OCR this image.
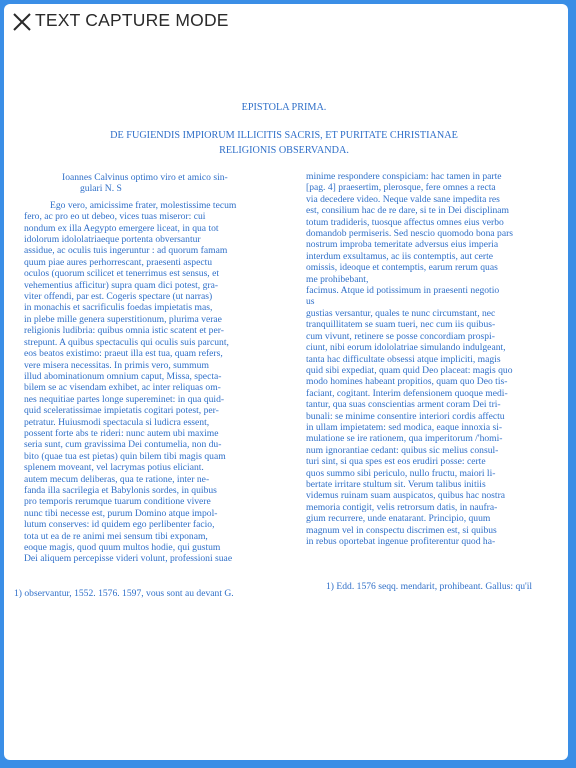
TEXT CAPTURE MODE
EPISTOLA PRIMA.
DE FUGIENDIS IMPIORUM ILLICITIS SACRIS, ET PURITATE CHRISTIANAE
RELIGIONIS OBSERVANDA.
Ioannes Calvinus optimo viro et amico sin-
gulari N. S
Ego vero, amicissime frater, molestissime tecum
fero, ac pro eo ut debeo, vices tuas miseror: cui
nondum ex illa Aegypto emergere liceat, in qua tot
idolorum idololatriaeque portenta obversantur
assidue, ac oculis tuis ingeruntur : ad quorum famam
quum piae aures perhorrescant, praesenti aspectu
oculos (quorum scilicet et tenerrimus est sensus, et
vehementius afficitur) supra quam dici potest, gra-
viter offendi, par est. Cogeris spectare (ut narras)
in monachis et sacrificulis foedas impietatis mas,
in plebe mille genera superstitionum, plurima verae
religionis ludibria: quibus omnia istic scatent et per-
strepunt. A quibus spectaculis qui oculis suis parcunt,
eos beatos existimo: praeut illa est tua, quam refers,
vere misera necessitas. In primis vero, summum
illud abominationum omnium caput, Missa, specta-
bilem se ac visendam exhibet, ac inter reliquas om-
nes nequitiae partes longe supereminet: in qua quid-
quid sceleratissimae impietatis cogitari potest, per-
petratur. Huiusmodi spectacula si ludicra essent,
possent forte abs te rideri: nunc autem ubi maxime
seria sunt, cum gravissima Dei contumelia, non du-
bito (quae tua est pietas) quin bilem tibi magis quam
splenem moveant, vel lacrymas potius eliciant.
autem mecum deliberas, qua te ratione, inter ne-
fanda illa sacrilegia et Babylonis sordes, in quibus
pro temporis rerumque tuarum conditione vivere
nunc tibi necesse est, purum Domino atque impol-
lutum conserves: id quidem ego perlibenter facio,
tota ut ea de re animi mei sensum tibi exponam,
eoque magis, quod quum multos hodie, qui gustum
Dei aliquem percepisse videri volunt, professioni suae
minime respondere conspiciam: hac tamen in parte
[pag. 4] praesertim, plerosque, fere omnes a recta
via decedere video. Neque valde sane impedita res
est, consilium hac de re dare, si te in Dei disciplinam
totum tradideris, tuosque affectus omnes eius verbo
domandob permiseris. Sed nescio quomodo bona pars
nostrum improba temeritate adversus eius imperia
interdum exsultamus, ac iis contemptis, aut certe
omissis, ideoque et contemptis, earum rerum quas
me prohibebant,
facimus. Atque id potissimum in praesenti negotio
us
gustias versantur, quales te nunc circumstant, nec
tranquillitatem se suam tueri, nec cum iis quibus-
cum vivunt, retinere se posse concordiam prospi-
ciunt, nibi eorum idololatriae simulando indulgeant,
tanta hac difficultate obsessi atque impliciti, magis
quid sibi expediat, quam quid Deo placeat: magis quo
modo homines habeant propitios, quam quo Deo tis-
faciant, cogitant. Interim defensionem quoque medi-
tantur, qua suas conscientias arment coram Dei tri-
bunali: se minime consentire interiori cordis affectu
in ullam impietatem: sed modica, eaque innoxia si-
mulatione se ire rationem, qua imperitorum /'homi-
num ignorantiae cedant: quibus sic melius consul-
turi sint, si qua spes est eos erudiri posse: certe
quos summo sibi periculo, nullo fructu, maiori li-
bertate irritare stultum sit. Verum talibus initiis
videmus ruinam suam auspicatos, quibus hac nostra
memoria contigit, velis retrorsum datis, in naufra-
gium recurrere, unde enatarant. Principio, quum
magnum vel in conspectu discrimen est, si quibus
in rebus oportebat ingenue profiterentur quod ha-
1) observantur, 1552. 1576. 1597, vous sont au devant G.
1) Edd. 1576 seqq. mendarit, prohibeant. Gallus: qu'il
